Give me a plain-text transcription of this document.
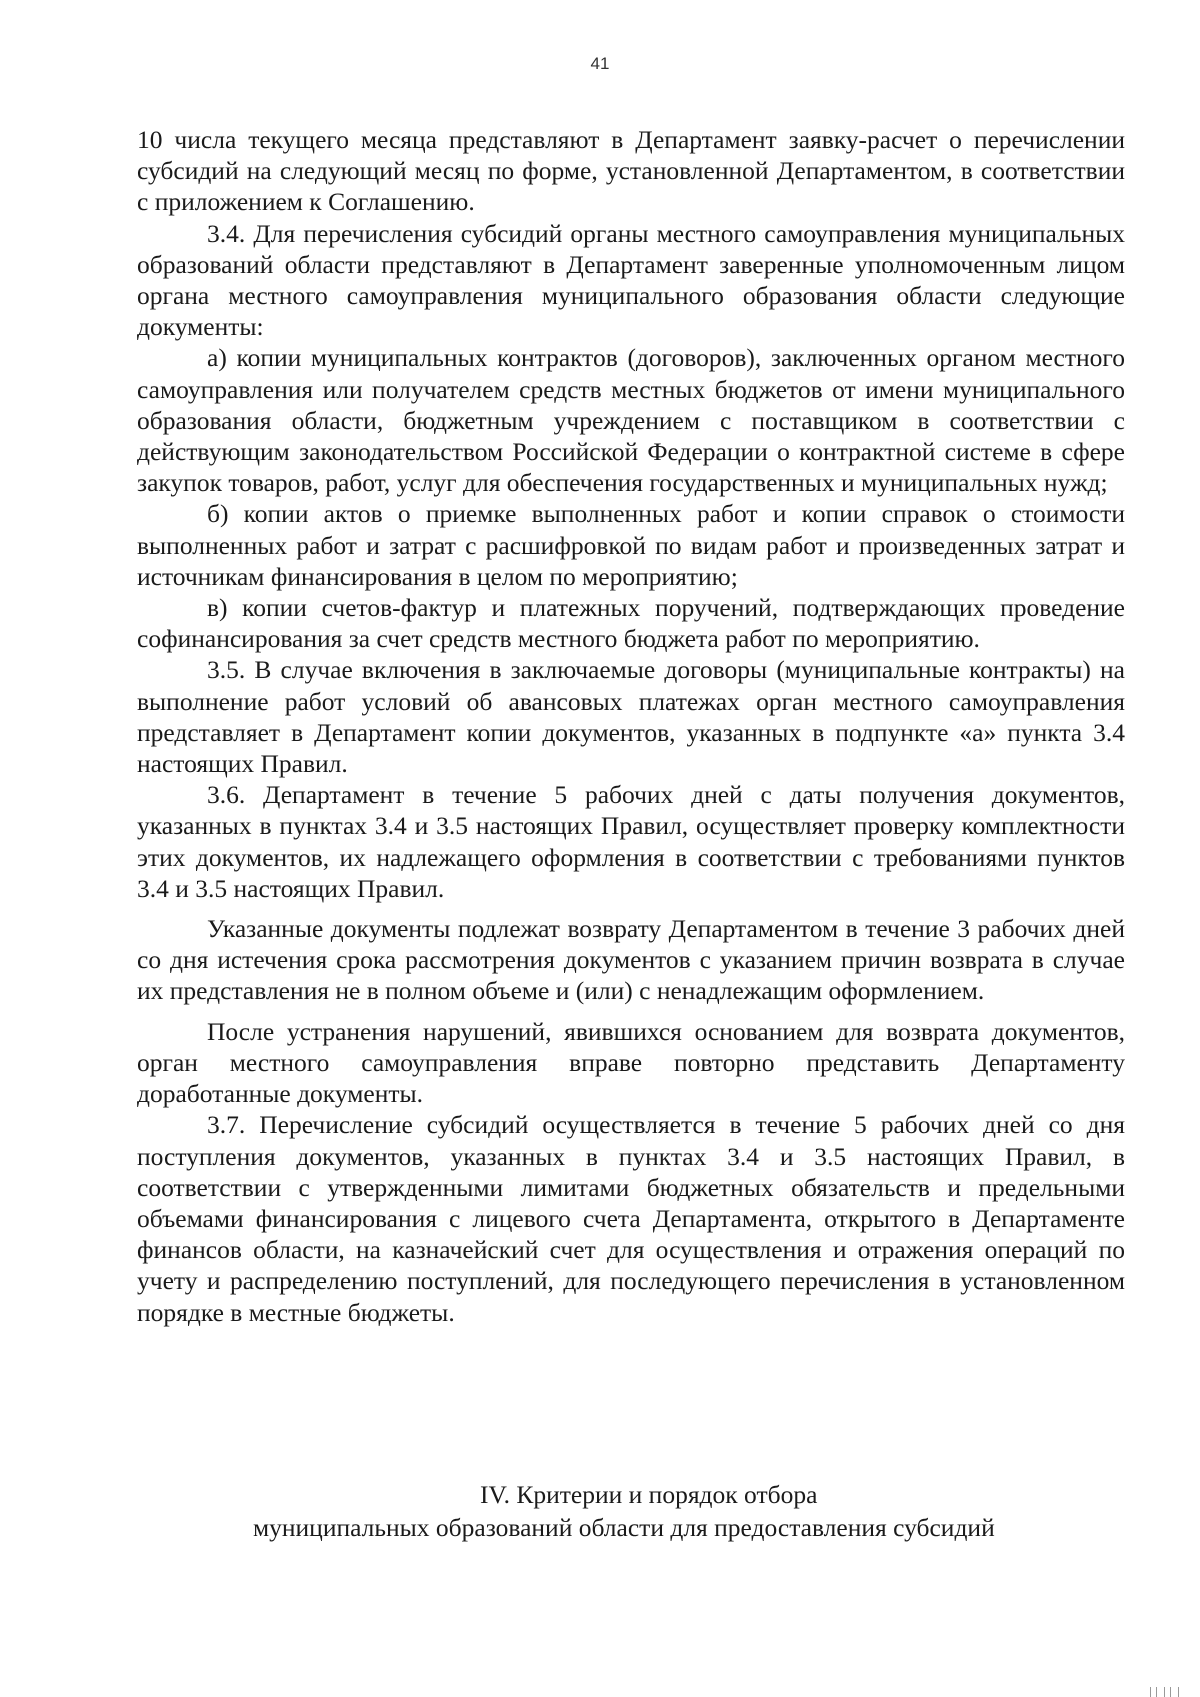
41

10 числа текущего месяца представляют в Департамент заявку-расчет о перечислении субсидий на следующий месяц по форме, установленной Департаментом, в соответствии с приложением к Соглашению.

3.4. Для перечисления субсидий органы местного самоуправления муниципальных образований области представляют в Департамент заверенные уполномоченным лицом органа местного самоуправления муниципального образования области следующие документы:

а) копии муниципальных контрактов (договоров), заключенных органом местного самоуправления или получателем средств местных бюджетов от имени муниципального образования области, бюджетным учреждением с поставщиком в соответствии с действующим законодательством Российской Федерации о контрактной системе в сфере закупок товаров, работ, услуг для обеспечения государственных и муниципальных нужд;

б) копии актов о приемке выполненных работ и копии справок о стоимости выполненных работ и затрат с расшифровкой по видам работ и произведенных затрат и источникам финансирования в целом по мероприятию;

в) копии счетов-фактур и платежных поручений, подтверждающих проведение софинансирования за счет средств местного бюджета работ по мероприятию.

3.5. В случае включения в заключаемые договоры (муниципальные контракты) на выполнение работ условий об авансовых платежах орган местного самоуправления представляет в Департамент копии документов, указанных в подпункте «а» пункта 3.4 настоящих Правил.

3.6. Департамент в течение 5 рабочих дней с даты получения документов, указанных в пунктах 3.4 и 3.5 настоящих Правил, осуществляет проверку комплектности этих документов, их надлежащего оформления в соответствии с требованиями пунктов 3.4 и 3.5 настоящих Правил.

Указанные документы подлежат возврату Департаментом в течение 3 рабочих дней со дня истечения срока рассмотрения документов с указанием причин возврата в случае их представления не в полном объеме и (или) с ненадлежащим оформлением.

После устранения нарушений, явившихся основанием для возврата документов, орган местного самоуправления вправе повторно представить Департаменту доработанные документы.

3.7. Перечисление субсидий осуществляется в течение 5 рабочих дней со дня поступления документов, указанных в пунктах 3.4 и 3.5 настоящих Правил, в соответствии с утвержденными лимитами бюджетных обязательств и предельными объемами финансирования с лицевого счета Департамента, открытого в Департаменте финансов области, на казначейский счет для осуществления и отражения операций по учету и распределению поступлений, для последующего перечисления в установленном порядке в местные бюджеты.

IV. Критерии и порядок отбора
муниципальных образований области для предоставления субсидий
